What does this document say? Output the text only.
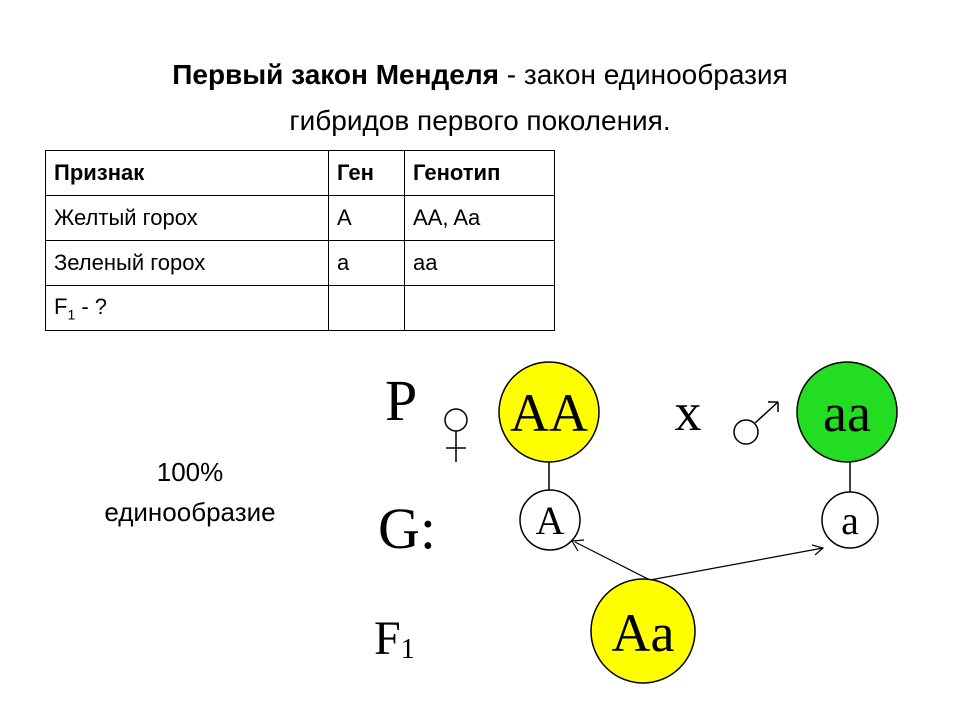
Первый закон Менделя - закон единообразия
гибридов первого поколения.
Признак	Ген	Генотип
Желтый горох	A	AA, Aa
Зеленый горох	a	aa
$F_1$ - ?		
100%
единообразие
P
G:
F1
AA x aa
A	a
Aa
